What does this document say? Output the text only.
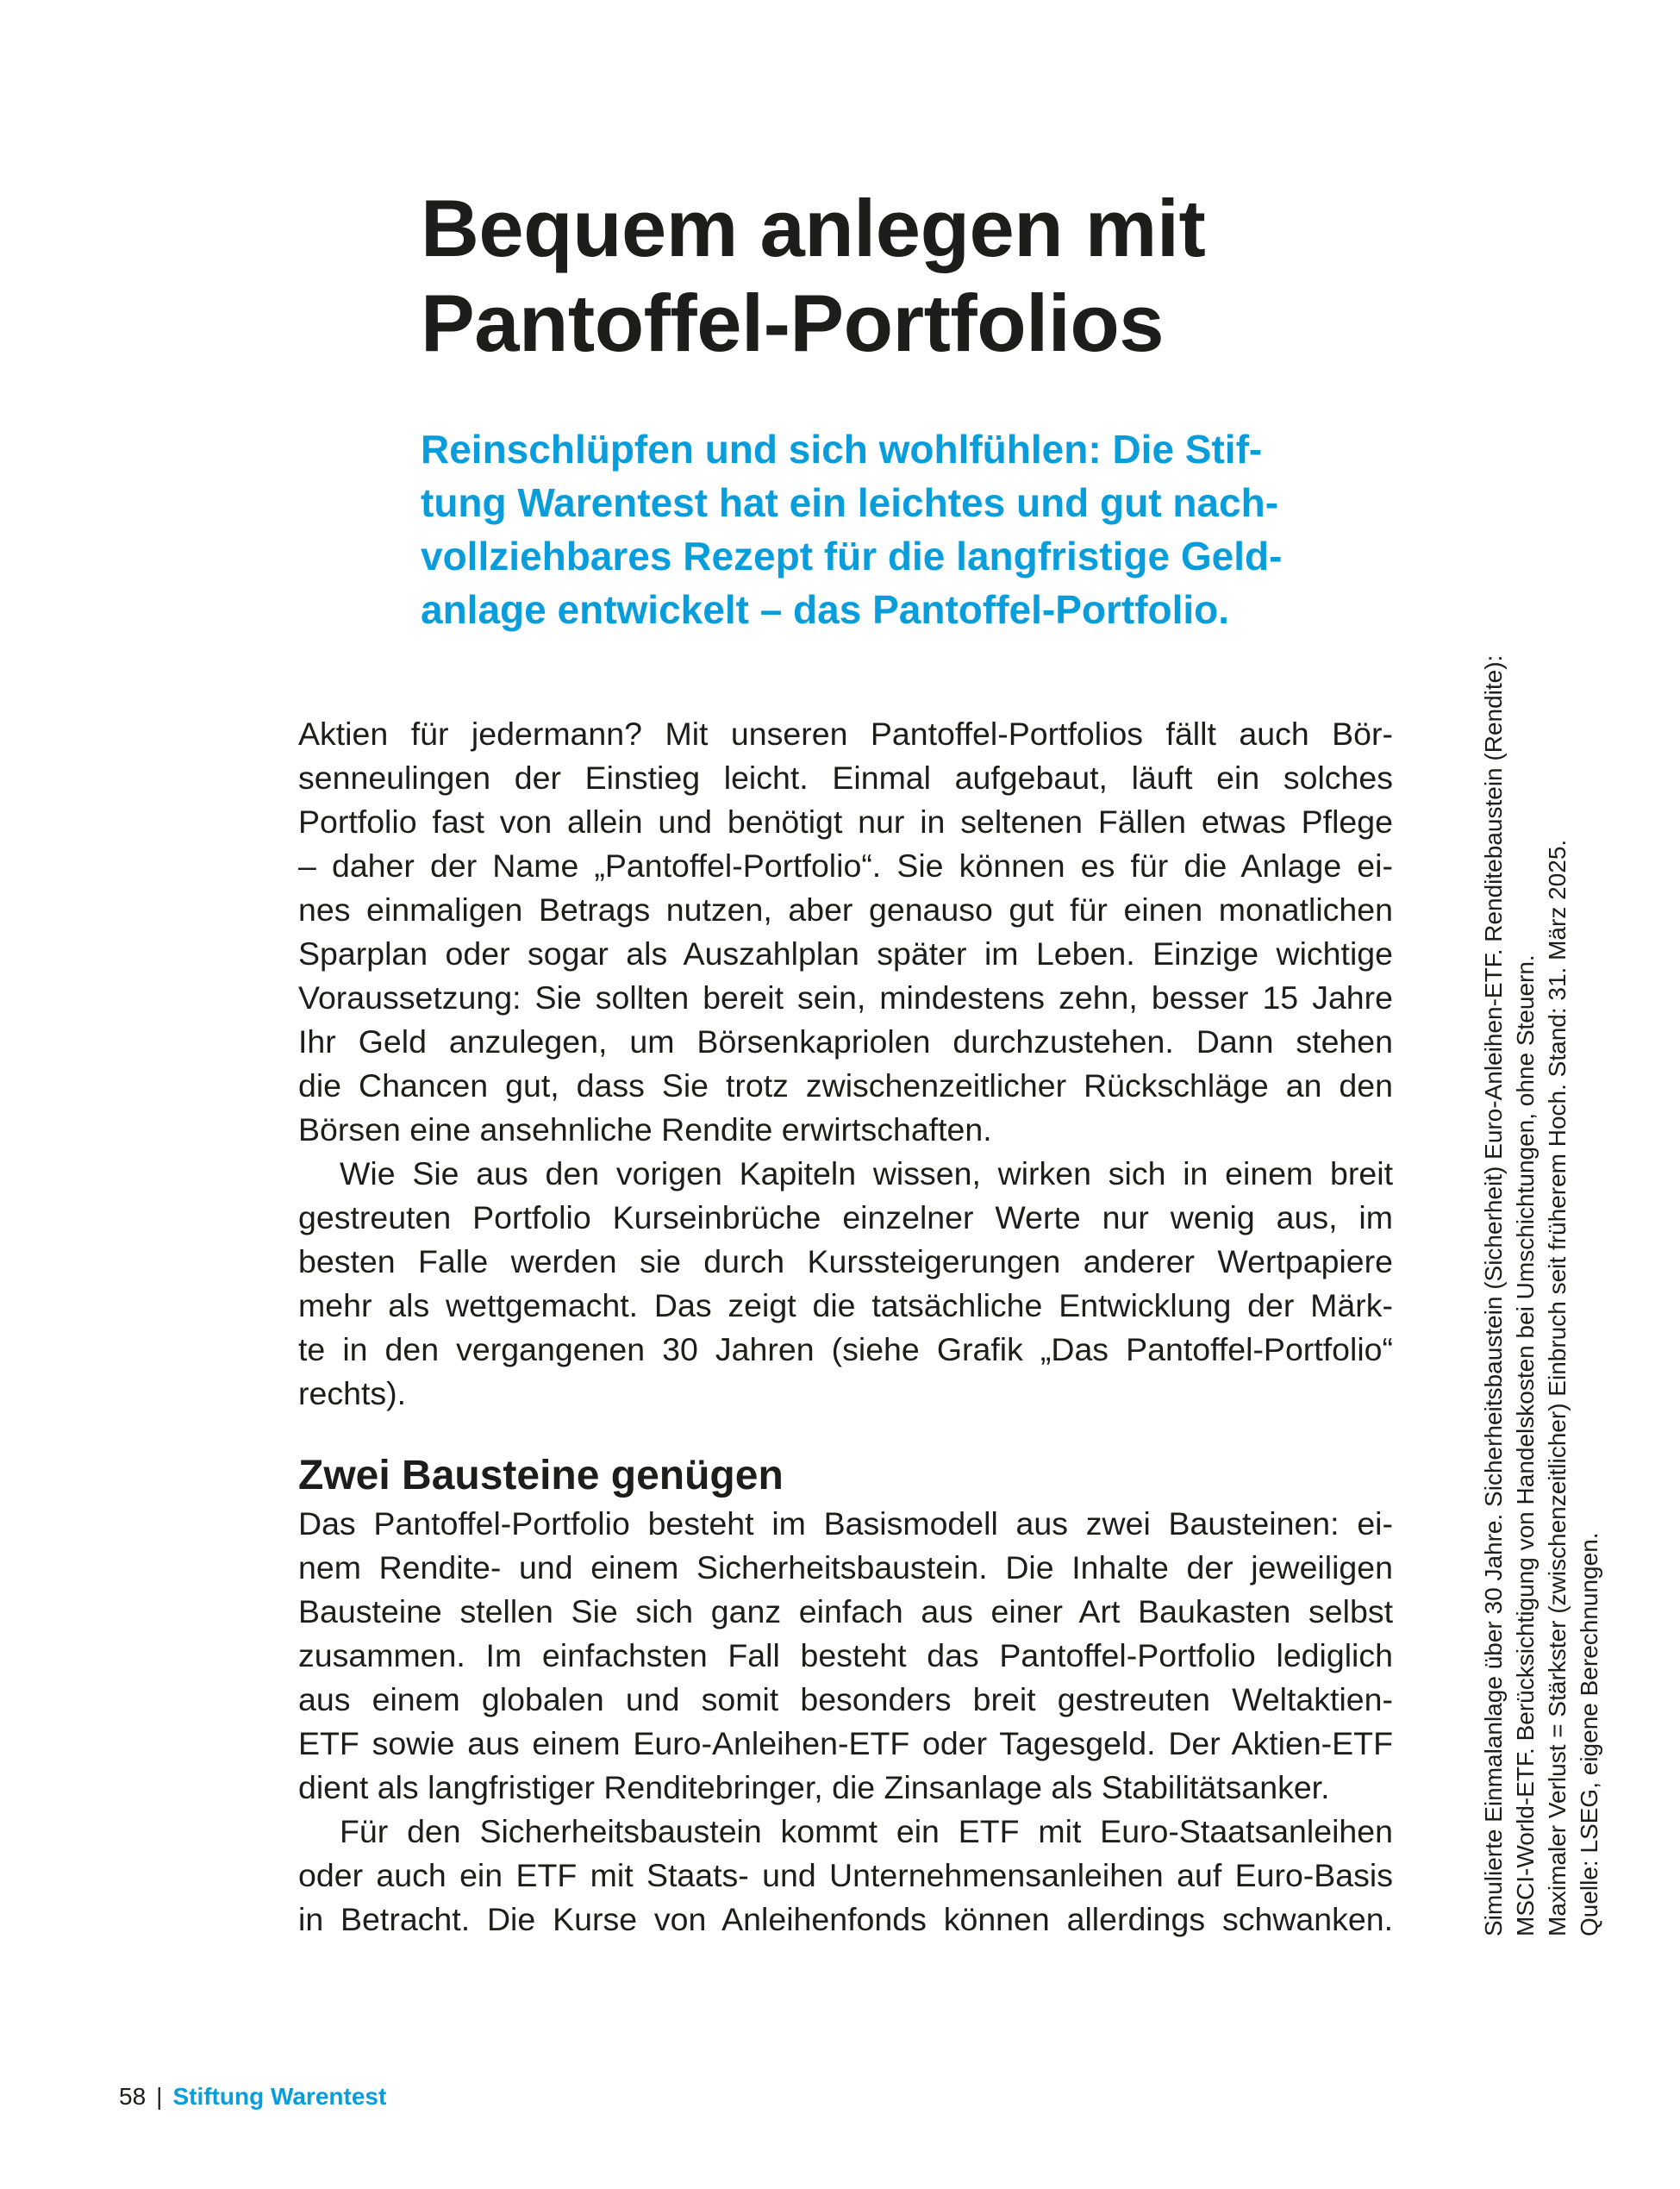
Bequem anlegen mit
Pantoffel-Portfolios

Reinschlüpfen und sich wohlfühlen: Die Stif-
tung Warentest hat ein leichtes und gut nach-
vollziehbares Rezept für die langfristige Geld-
anlage entwickelt – das Pantoffel-Portfolio.

Aktien für jedermann? Mit unseren Pantoffel-Portfolios fällt auch Bör-
senneulingen der Einstieg leicht. Einmal aufgebaut, läuft ein solches
Portfolio fast von allein und benötigt nur in seltenen Fällen etwas Pflege
– daher der Name „Pantoffel-Portfolio“. Sie können es für die Anlage ei-
nes einmaligen Betrags nutzen, aber genauso gut für einen monatlichen
Sparplan oder sogar als Auszahlplan später im Leben. Einzige wichtige
Voraussetzung: Sie sollten bereit sein, mindestens zehn, besser 15 Jahre
Ihr Geld anzulegen, um Börsenkapriolen durchzustehen. Dann stehen
die Chancen gut, dass Sie trotz zwischenzeitlicher Rückschläge an den
Börsen eine ansehnliche Rendite erwirtschaften.
Wie Sie aus den vorigen Kapiteln wissen, wirken sich in einem breit
gestreuten Portfolio Kurseinbrüche einzelner Werte nur wenig aus, im
besten Falle werden sie durch Kurssteigerungen anderer Wertpapiere
mehr als wettgemacht. Das zeigt die tatsächliche Entwicklung der Märk-
te in den vergangenen 30 Jahren (siehe Grafik „Das Pantoffel-Portfolio“
rechts).
Zwei Bausteine genügen
Das Pantoffel-Portfolio besteht im Basismodell aus zwei Bausteinen: ei-
nem Rendite- und einem Sicherheitsbaustein. Die Inhalte der jeweiligen
Bausteine stellen Sie sich ganz einfach aus einer Art Baukasten selbst
zusammen. Im einfachsten Fall besteht das Pantoffel-Portfolio lediglich
aus einem globalen und somit besonders breit gestreuten Weltaktien-
ETF sowie aus einem Euro-Anleihen-ETF oder Tagesgeld. Der Aktien-ETF
dient als langfristiger Renditebringer, die Zinsanlage als Stabilitätsanker.
Für den Sicherheitsbaustein kommt ein ETF mit Euro-Staatsanleihen
oder auch ein ETF mit Staats- und Unternehmensanleihen auf Euro-Basis
in Betracht. Die Kurse von Anleihenfonds können allerdings schwanken.	Simulierte Einmalanlage über 30 Jahre. Sicherheitsbaustein (Sicherheit) Euro-Anleihen-ETF. Renditebaustein (Rendite): MSCI-World-ETF. Berücksichtigung von Handelskosten bei Umschichtungen, ohne Steuern. Maximaler Verlust = Stärkster (zwischenzeitlicher) Einbruch seit früherem Hoch. Stand: 31. März 2025. Quelle: LSEG, eigene Berechnungen.
58 | Stiftung Warentest
